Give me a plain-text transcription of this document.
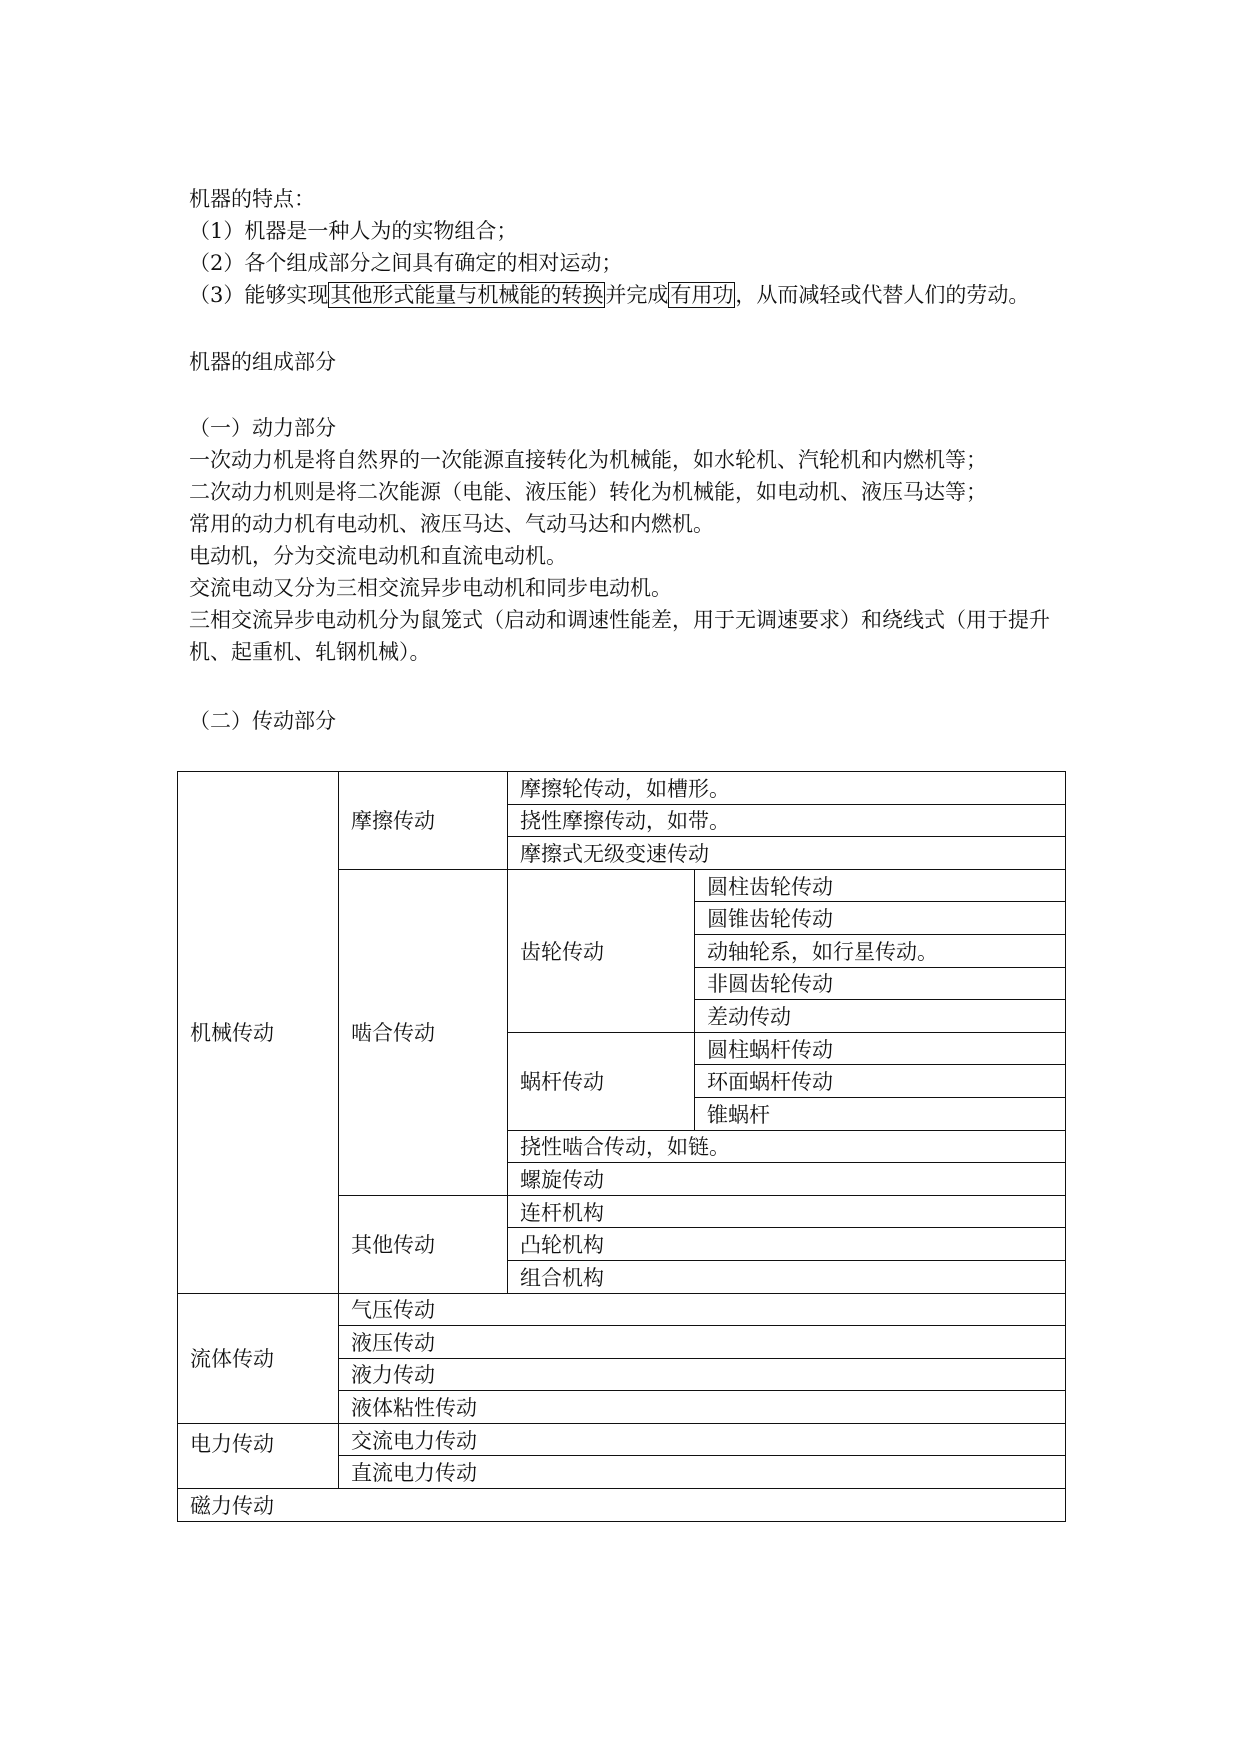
机器的特点：
（1）机器是一种人为的实物组合；
（2）各个组成部分之间具有确定的相对运动；
（3）能够实现其他形式能量与机械能的转换并完成有用功，从而减轻或代替人们的劳动。
机器的组成部分
（一）动力部分
一次动力机是将自然界的一次能源直接转化为机械能，如水轮机、汽轮机和内燃机等；
二次动力机则是将二次能源（电能、液压能）转化为机械能，如电动机、液压马达等；
常用的动力机有电动机、液压马达、气动马达和内燃机。
电动机，分为交流电动机和直流电动机。
交流电动又分为三相交流异步电动机和同步电动机。
三相交流异步电动机分为鼠笼式（启动和调速性能差，用于无调速要求）和绕线式（用于提升机、起重机、轧钢机械）。
（二）传动部分
机械传动	摩擦传动	摩擦轮传动，如槽形。	
		挠性摩擦传动，如带。	
		摩擦式无级变速传动	
	啮合传动	齿轮传动	圆柱齿轮传动
			圆锥齿轮传动
			动轴轮系，如行星传动。
			非圆齿轮传动
			差动传动
		蜗杆传动	圆柱蜗杆传动
			环面蜗杆传动
			锥蜗杆
		挠性啮合传动，如链。	
		螺旋传动	
	其他传动	连杆机构	
		凸轮机构	
		组合机构	
流体传动	气压传动		
	液压传动		
	液力传动		
	液体粘性传动		
电力传动	交流电力传动		
	直流电力传动		
磁力传动			
